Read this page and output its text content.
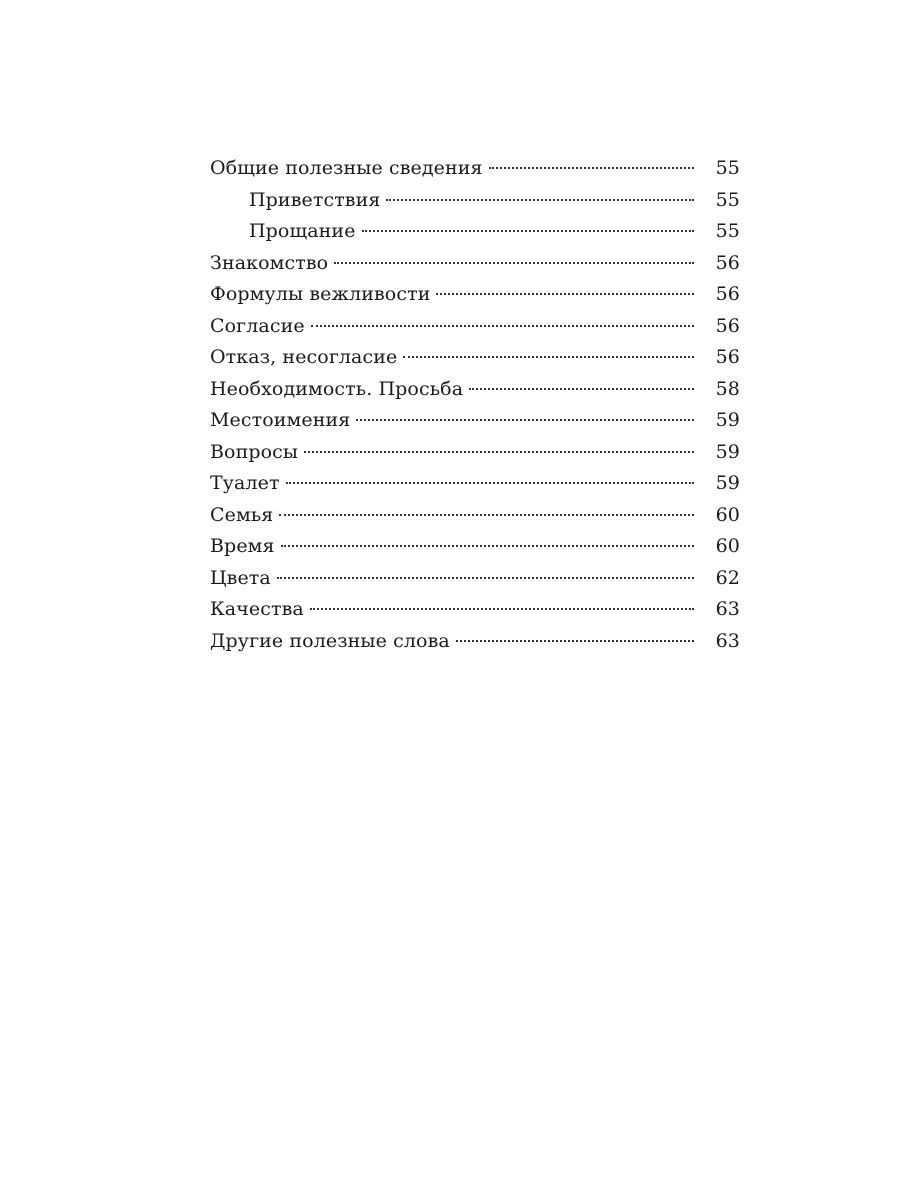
Общие полезные сведения	55
Приветствия	55
Прощание	55
Знакомство	56
Формулы вежливости	56
Согласие	56
Отказ, несогласие	56
Необходимость. Просьба	58
Местоимения	59
Вопросы	59
Туалет	59
Семья	60
Время	60
Цвета	62
Качества	63
Другие полезные слова	63
